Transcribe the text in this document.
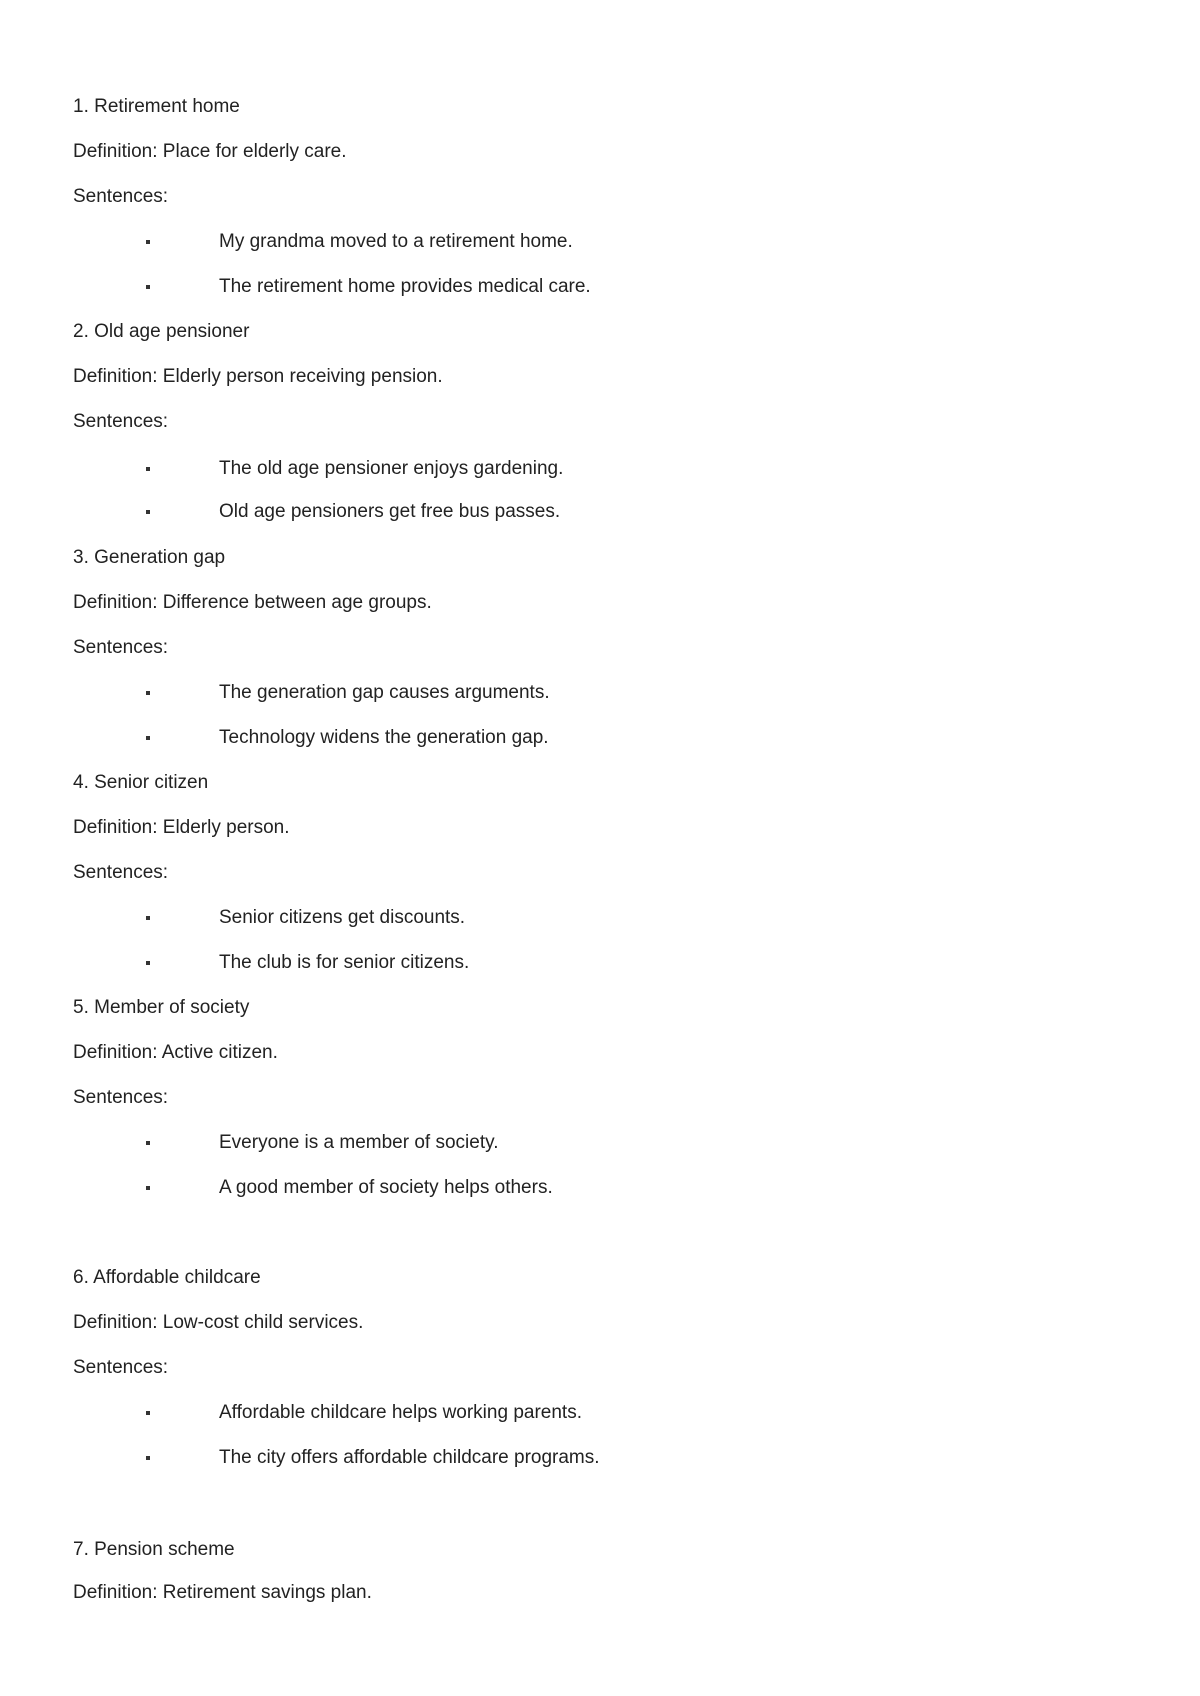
1. Retirement home
Definition: Place for elderly care.
Sentences:
My grandma moved to a retirement home.
The retirement home provides medical care.
2. Old age pensioner
Definition: Elderly person receiving pension.
Sentences:
The old age pensioner enjoys gardening.
Old age pensioners get free bus passes.
3. Generation gap
Definition: Difference between age groups.
Sentences:
The generation gap causes arguments.
Technology widens the generation gap.
4. Senior citizen
Definition: Elderly person.
Sentences:
Senior citizens get discounts.
The club is for senior citizens.
5. Member of society
Definition: Active citizen.
Sentences:
Everyone is a member of society.
A good member of society helps others.
6. Affordable childcare
Definition: Low-cost child services.
Sentences:
Affordable childcare helps working parents.
The city offers affordable childcare programs.
7. Pension scheme
Definition: Retirement savings plan.
